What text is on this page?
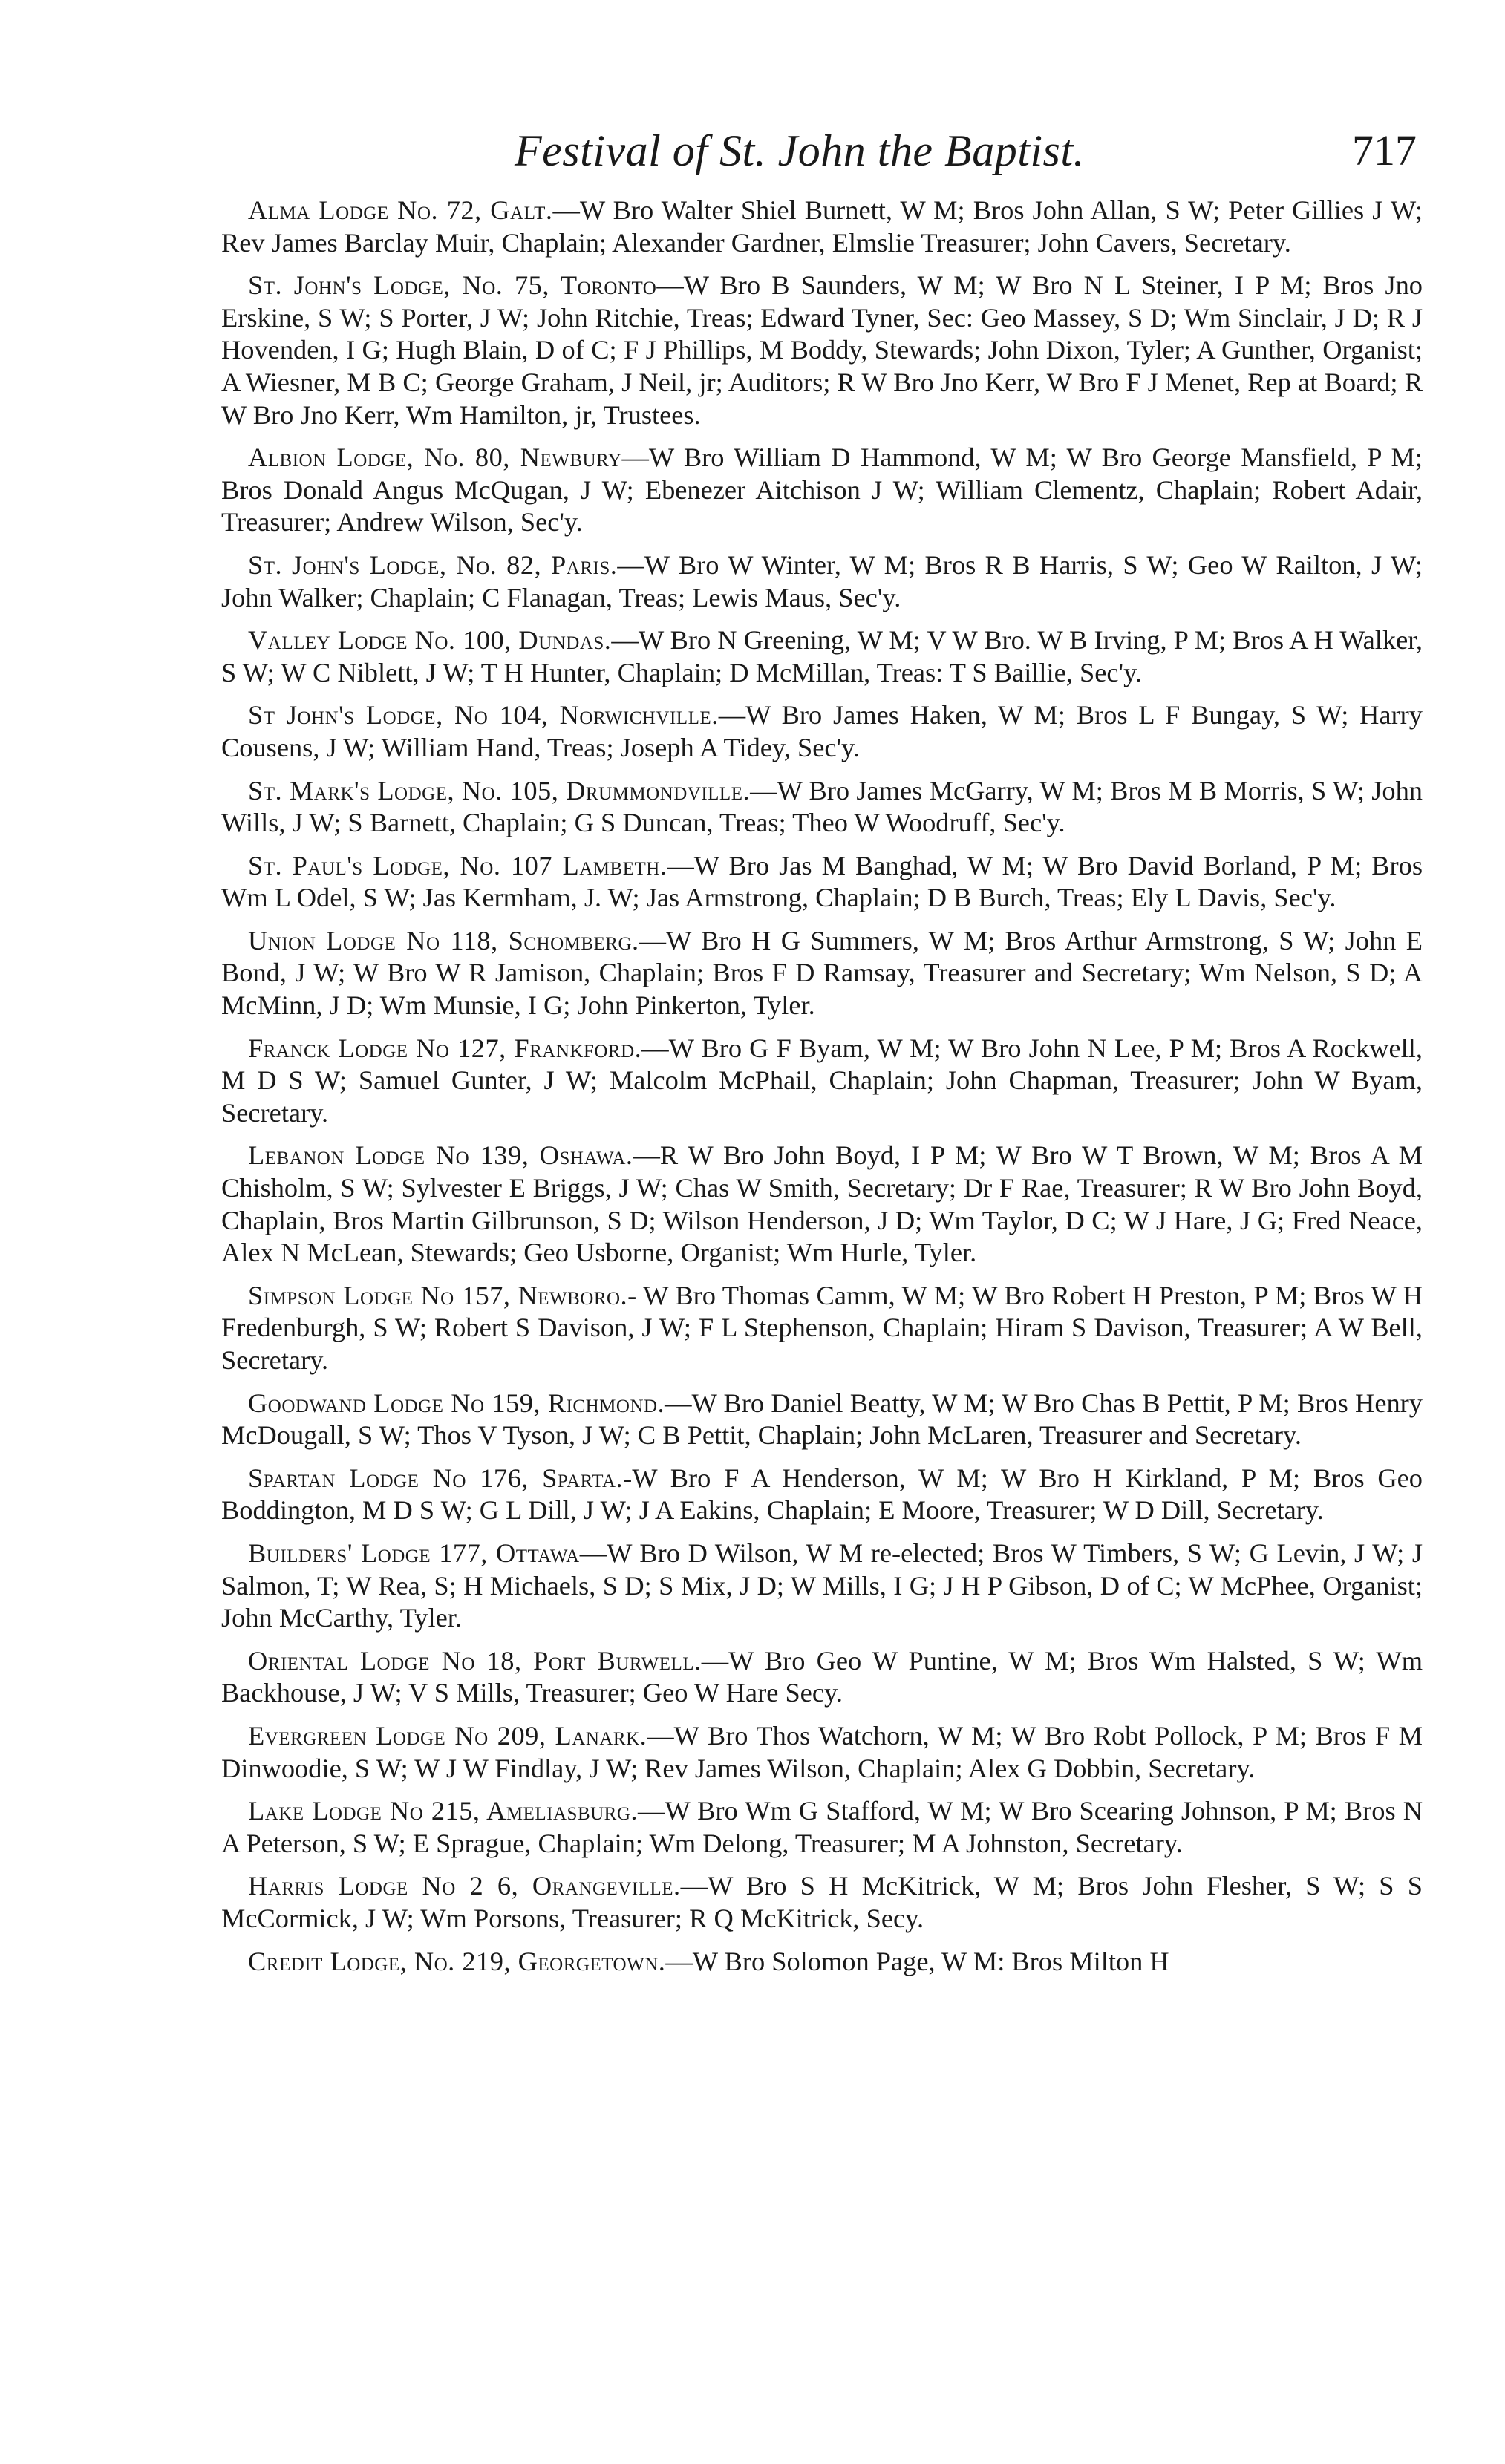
Festival of St. John the Baptist.	717

Alma Lodge No. 72, Galt.—W Bro Walter Shiel Burnett, W M; Bros John Allan, S W; Peter Gillies J W; Rev James Barclay Muir, Chaplain; Alexander Gardner, Elmslie Treasurer; John Cavers, Secretary.

St. John's Lodge, No. 75, Toronto—W Bro B Saunders, W M; W Bro N L Steiner, I P M; Bros Jno Erskine, S W; S Porter, J W; John Ritchie, Treas; Edward Tyner, Sec: Geo Massey, S D; Wm Sinclair, J D; R J Hovenden, I G; Hugh Blain, D of C; F J Phillips, M Boddy, Stewards; John Dixon, Tyler; A Gunther, Organist; A Wiesner, M B C; George Graham, J Neil, jr; Auditors; R W Bro Jno Kerr, W Bro F J Menet, Rep at Board; R W Bro Jno Kerr, Wm Hamilton, jr, Trustees.

Albion Lodge, No. 80, Newbury—W Bro William D Hammond, W M; W Bro George Mansfield, P M; Bros Donald Angus McQugan, J W; Ebenezer Aitchison J W; William Clementz, Chaplain; Robert Adair, Treasurer; Andrew Wilson, Sec'y.

St. John's Lodge, No. 82, Paris.—W Bro W Winter, W M; Bros R B Harris, S W; Geo W Railton, J W; John Walker; Chaplain; C Flanagan, Treas; Lewis Maus, Sec'y.

Valley Lodge No. 100, Dundas.—W Bro N Greening, W M; V W Bro. W B Irving, P M; Bros A H Walker, S W; W C Niblett, J W; T H Hunter, Chaplain; D McMillan, Treas: T S Baillie, Sec'y.

St John's Lodge, No 104, Norwichville.—W Bro James Haken, W M; Bros L F Bungay, S W; Harry Cousens, J W; William Hand, Treas; Joseph A Tidey, Sec'y.

St. Mark's Lodge, No. 105, Drummondville.—W Bro James McGarry, W M; Bros M B Morris, S W; John Wills, J W; S Barnett, Chaplain; G S Duncan, Treas; Theo W Woodruff, Sec'y.

St. Paul's Lodge, No. 107 Lambeth.—W Bro Jas M Banghad, W M; W Bro David Borland, P M; Bros Wm L Odel, S W; Jas Kermham, J. W; Jas Armstrong, Chaplain; D B Burch, Treas; Ely L Davis, Sec'y.

Union Lodge No 118, Schomberg.—W Bro H G Summers, W M; Bros Arthur Armstrong, S W; John E Bond, J W; W Bro W R Jamison, Chaplain; Bros F D Ramsay, Treasurer and Secretary; Wm Nelson, S D; A McMinn, J D; Wm Munsie, I G; John Pinkerton, Tyler.

Franck Lodge No 127, Frankford.—W Bro G F Byam, W M; W Bro John N Lee, P M; Bros A Rockwell, M D S W; Samuel Gunter, J W; Malcolm McPhail, Chaplain; John Chapman, Treasurer; John W Byam, Secretary.

Lebanon Lodge No 139, Oshawa.—R W Bro John Boyd, I P M; W Bro W T Brown, W M; Bros A M Chisholm, S W; Sylvester E Briggs, J W; Chas W Smith, Secretary; Dr F Rae, Treasurer; R W Bro John Boyd, Chaplain, Bros Martin Gilbrunson, S D; Wilson Henderson, J D; Wm Taylor, D C; W J Hare, J G; Fred Neace, Alex N McLean, Stewards; Geo Usborne, Organist; Wm Hurle, Tyler.

Simpson Lodge No 157, Newboro.- W Bro Thomas Camm, W M; W Bro Robert H Preston, P M; Bros W H Fredenburgh, S W; Robert S Davison, J W; F L Stephenson, Chaplain; Hiram S Davison, Treasurer; A W Bell, Secretary.

Goodwand Lodge No 159, Richmond.—W Bro Daniel Beatty, W M; W Bro Chas B Pettit, P M; Bros Henry McDougall, S W; Thos V Tyson, J W; C B Pettit, Chaplain; John McLaren, Treasurer and Secretary.

Spartan Lodge No 176, Sparta.-W Bro F A Henderson, W M; W Bro H Kirkland, P M; Bros Geo Boddington, M D S W; G L Dill, J W; J A Eakins, Chaplain; E Moore, Treasurer; W D Dill, Secretary.

Builders' Lodge 177, Ottawa—W Bro D Wilson, W M re-elected; Bros W Timbers, S W; G Levin, J W; J Salmon, T; W Rea, S; H Michaels, S D; S Mix, J D; W Mills, I G; J H P Gibson, D of C; W McPhee, Organist; John McCarthy, Tyler.

Oriental Lodge No 18, Port Burwell.—W Bro Geo W Puntine, W M; Bros Wm Halsted, S W; Wm Backhouse, J W; V S Mills, Treasurer; Geo W Hare Secy.

Evergreen Lodge No 209, Lanark.—W Bro Thos Watchorn, W M; W Bro Robt Pollock, P M; Bros F M Dinwoodie, S W; W J W Findlay, J W; Rev James Wilson, Chaplain; Alex G Dobbin, Secretary.

Lake Lodge No 215, Ameliasburg.—W Bro Wm G Stafford, W M; W Bro Scearing Johnson, P M; Bros N A Peterson, S W; E Sprague, Chaplain; Wm Delong, Treasurer; M A Johnston, Secretary.

Harris Lodge No 2 6, Orangeville.—W Bro S H McKitrick, W M; Bros John Flesher, S W; S S McCormick, J W; Wm Porsons, Treasurer; R Q McKitrick, Secy.

Credit Lodge, No. 219, Georgetown.—W Bro Solomon Page, W M: Bros Milton H
